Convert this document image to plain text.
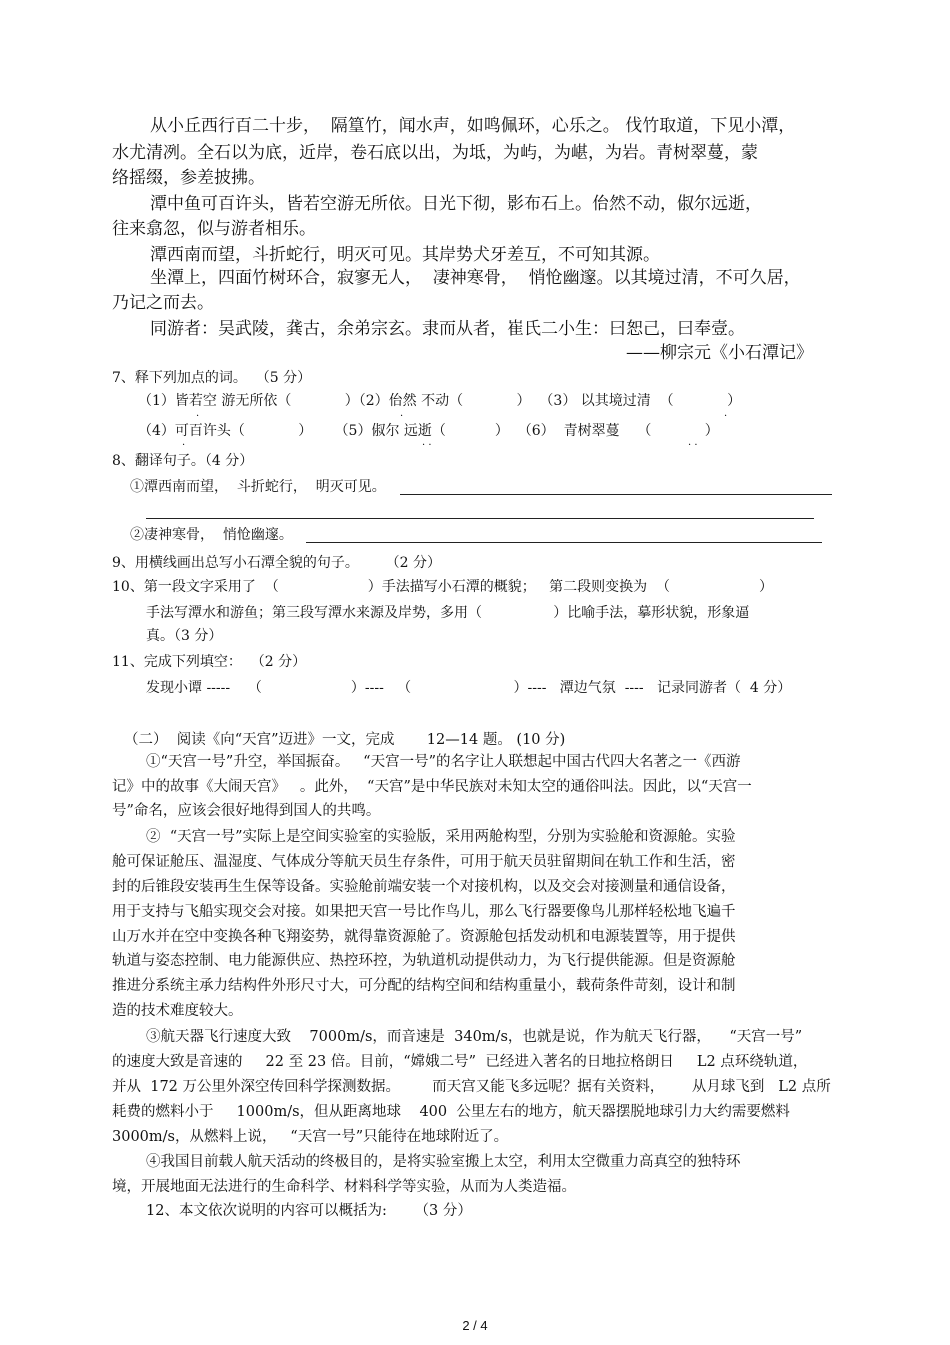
从小丘西行百二十步，  隔篁竹，闻水声，如鸣佩环，心乐之。 伐竹取道，下见小潭，
水尤清冽。全石以为底，近岸，卷石底以出，为坻，为屿，为嵁，为岩。青树翠蔓，蒙
络摇缀，参差披拂。
潭中鱼可百许头，皆若空游无所依。日光下彻，影布石上。佁然不动，俶尔远逝，
往来翕忽，似与游者相乐。
潭西南而望，斗折蛇行，明灭可见。其岸势犬牙差互，不可知其源。
坐潭上，四面竹树环合，寂寥无人，  凄神寒骨，  悄怆幽邃。以其境过清，不可久居，
乃记之而去。
同游者：吴武陵，龚古，余弟宗玄。隶而从者，崔氏二小生：曰恕己，曰奉壹。
——柳宗元《小石潭记》
7、释下列加点的词。  （5 分）
（1）皆若空 游无所依（            ）（2）佁然 不动（            ）  （3） 以其境过清  （            ）
·	·	·
（4）可百许头（            ）     （5）俶尔 远逝（           ）  （6）  青树翠蔓    （            ）
·	· ·	· ·
8、翻译句子。（4 分）
①潭西南而望，  斗折蛇行，  明灭可见。
②凄神寒骨，  悄怆幽邃。
9、用横线画出总写小石潭全貌的句子。      （2 分）
10、第一段文字采用了  （                    ）手法描写小石潭的概貌；   第二段则变换为  （                    ）
手法写潭水和游鱼；第三段写潭水来源及岸势，多用（                ）比喻手法，摹形状貌，形象逼
真。（3 分）
11、完成下列填空：  （2 分）
发现小谭 -----    （                    ）----   （                       ）----   潭边气氛  ----   记录同游者（  4 分）
（二）  阅读《向“天宫”迈进》一文，完成       12—14 题。 (10 分)
①“天宫一号”升空，举国振奋。   “天宫一号”的名字让人联想起中国古代四大名著之一《西游
记》中的故事《大闹天宫》   。此外，  “天宫”是中华民族对未知太空的通俗叫法。因此，以“天宫一
号”命名，应该会很好地得到国人的共鸣。
②  “天宫一号”实际上是空间实验室的实验版，采用两舱构型，分别为实验舱和资源舱。实验
舱可保证舱压、温湿度、气体成分等航天员生存条件，可用于航天员驻留期间在轨工作和生活，密
封的后锥段安装再生生保等设备。实验舱前端安装一个对接机构，以及交会对接测量和通信设备，
用于支持与飞船实现交会对接。如果把天宫一号比作鸟儿，那么飞行器要像鸟儿那样轻松地飞遍千
山万水并在空中变换各种飞翔姿势，就得靠资源舱了。资源舱包括发动机和电源装置等，用于提供
轨道与姿态控制、电力能源供应、热控环控，为轨道机动提供动力，为飞行提供能源。但是资源舱
推进分系统主承力结构件外形尺寸大，可分配的结构空间和结构重量小，载荷条件苛刻，设计和制
造的技术难度较大。
③航天器飞行速度大致    7000m/s，而音速是  340m/s，也就是说，作为航天飞行器，    “天宫一号”
的速度大致是音速的     22 至 23 倍。目前，“嫦娥二号”  已经进入著名的日地拉格朗日     L2 点环绕轨道，
并从  172 万公里外深空传回科学探测数据。       而天宫又能飞多远呢？据有关资料，      从月球飞到   L2 点所
耗费的燃料小于     1000m/s，但从距离地球    400  公里左右的地方，航天器摆脱地球引力大约需要燃料
3000m/s，从燃料上说，   “天宫一号”只能待在地球附近了。
④我国目前载人航天活动的终极目的，是将实验室搬上太空，利用太空微重力高真空的独特环
境，开展地面无法进行的生命科学、材料科学等实验，从而为人类造福。
12、本文依次说明的内容可以概括为:      （3 分）
2 / 4
